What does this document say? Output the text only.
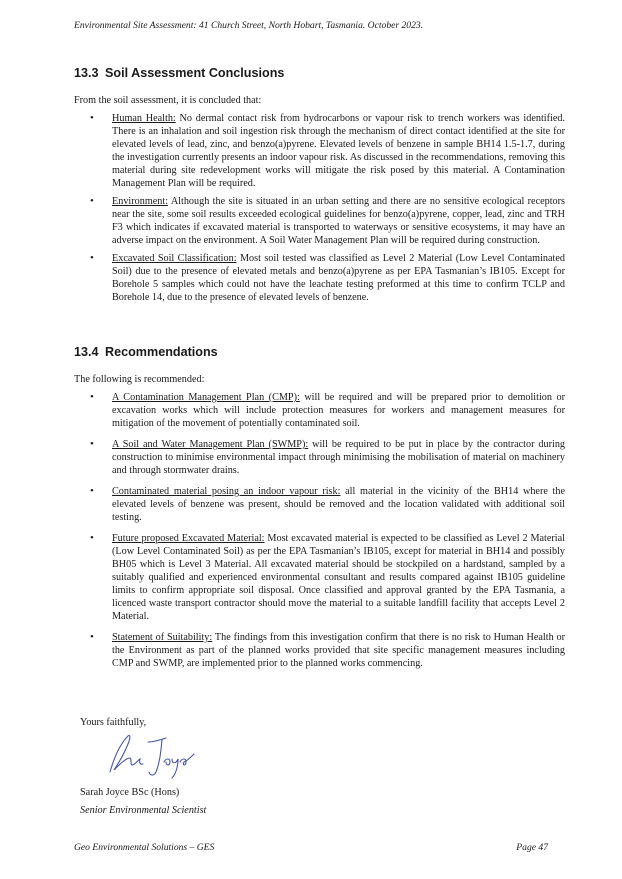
Environmental Site Assessment: 41 Church Street, North Hobart, Tasmania. October 2023.
13.3 Soil Assessment Conclusions
From the soil assessment, it is concluded that:
• Human Health: No dermal contact risk from hydrocarbons or vapour risk to trench workers was identified. There is an inhalation and soil ingestion risk through the mechanism of direct contact identified at the site for elevated levels of lead, zinc, and benzo(a)pyrene. Elevated levels of benzene in sample BH14 1.5-1.7, during the investigation currently presents an indoor vapour risk. As discussed in the recommendations, removing this material during site redevelopment works will mitigate the risk posed by this material. A Contamination Management Plan will be required.
• Environment: Although the site is situated in an urban setting and there are no sensitive ecological receptors near the site, some soil results exceeded ecological guidelines for benzo(a)pyrene, copper, lead, zinc and TRH F3 which indicates if excavated material is transported to waterways or sensitive ecosystems, it may have an adverse impact on the environment. A Soil Water Management Plan will be required during construction.
• Excavated Soil Classification: Most soil tested was classified as Level 2 Material (Low Level Contaminated Soil) due to the presence of elevated metals and benzo(a)pyrene as per EPA Tasmanian’s IB105. Except for Borehole 5 samples which could not have the leachate testing preformed at this time to confirm TCLP and Borehole 14, due to the presence of elevated levels of benzene.
13.4 Recommendations
The following is recommended:
• A Contamination Management Plan (CMP): will be required and will be prepared prior to demolition or excavation works which will include protection measures for workers and management measures for mitigation of the movement of potentially contaminated soil.
• A Soil and Water Management Plan (SWMP): will be required to be put in place by the contractor during construction to minimise environmental impact through minimising the mobilisation of material on machinery and through stormwater drains.
• Contaminated material posing an indoor vapour risk: all material in the vicinity of the BH14 where the elevated levels of benzene was present, should be removed and the location validated with additional soil testing.
• Future proposed Excavated Material: Most excavated material is expected to be classified as Level 2 Material (Low Level Contaminated Soil) as per the EPA Tasmanian’s IB105, except for material in BH14 and possibly BH05 which is Level 3 Material. All excavated material should be stockpiled on a hardstand, sampled by a suitably qualified and experienced environmental consultant and results compared against IB105 guideline limits to confirm appropriate soil disposal. Once classified and approval granted by the EPA Tasmania, a licenced waste transport contractor should move the material to a suitable landfill facility that accepts Level 2 Material.
• Statement of Suitability: The findings from this investigation confirm that there is no risk to Human Health or the Environment as part of the planned works provided that site specific management measures including CMP and SWMP, are implemented prior to the planned works commencing.
Yours faithfully,
Sarah Joyce BSc (Hons)
Senior Environmental Scientist
Geo Environmental Solutions – GES	Page 47
